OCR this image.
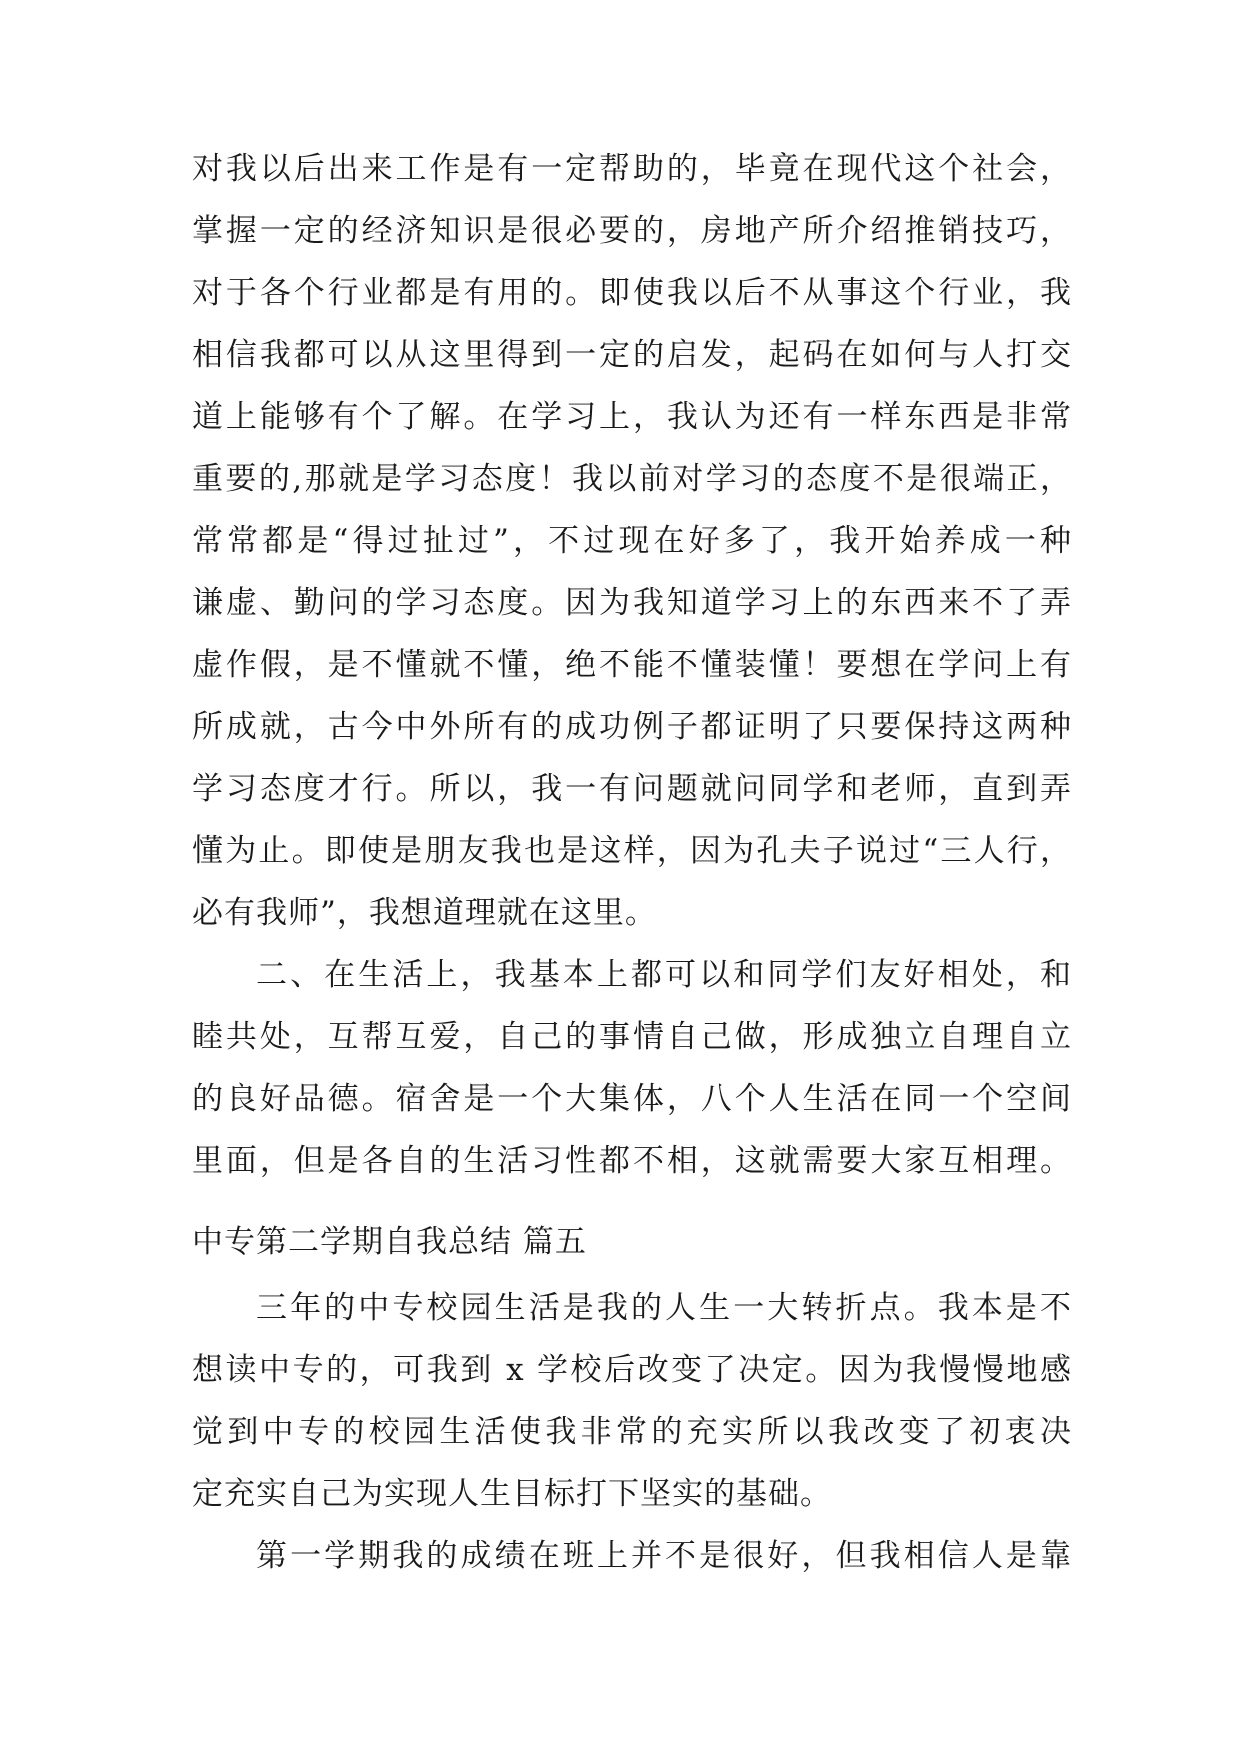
对我以后出来工作是有一定帮助的，毕竟在现代这个社会，
掌握一定的经济知识是很必要的，房地产所介绍推销技巧，
对于各个行业都是有用的。即使我以后不从事这个行业，我
相信我都可以从这里得到一定的启发，起码在如何与人打交
道上能够有个了解。在学习上，我认为还有一样东西是非常
重要的,那就是学习态度！我以前对学习的态度不是很端正，
常常都是“得过扯过”，不过现在好多了，我开始养成一种
谦虚、勤问的学习态度。因为我知道学习上的东西来不了弄
虚作假，是不懂就不懂，绝不能不懂装懂！要想在学问上有
所成就，古今中外所有的成功例子都证明了只要保持这两种
学习态度才行。所以，我一有问题就问同学和老师，直到弄
懂为止。即使是朋友我也是这样，因为孔夫子说过“三人行，
必有我师”，我想道理就在这里。
二、在生活上，我基本上都可以和同学们友好相处，和
睦共处，互帮互爱，自己的事情自己做，形成独立自理自立
的良好品德。宿舍是一个大集体，八个人生活在同一个空间
里面，但是各自的生活习性都不相，这就需要大家互相理。
中专第二学期自我总结 篇五
三年的中专校园生活是我的人生一大转折点。我本是不
想读中专的，可我到 x 学校后改变了决定。因为我慢慢地感
觉到中专的校园生活使我非常的充实所以我改变了初衷决
定充实自己为实现人生目标打下坚实的基础。
第一学期我的成绩在班上并不是很好，但我相信人是靠
